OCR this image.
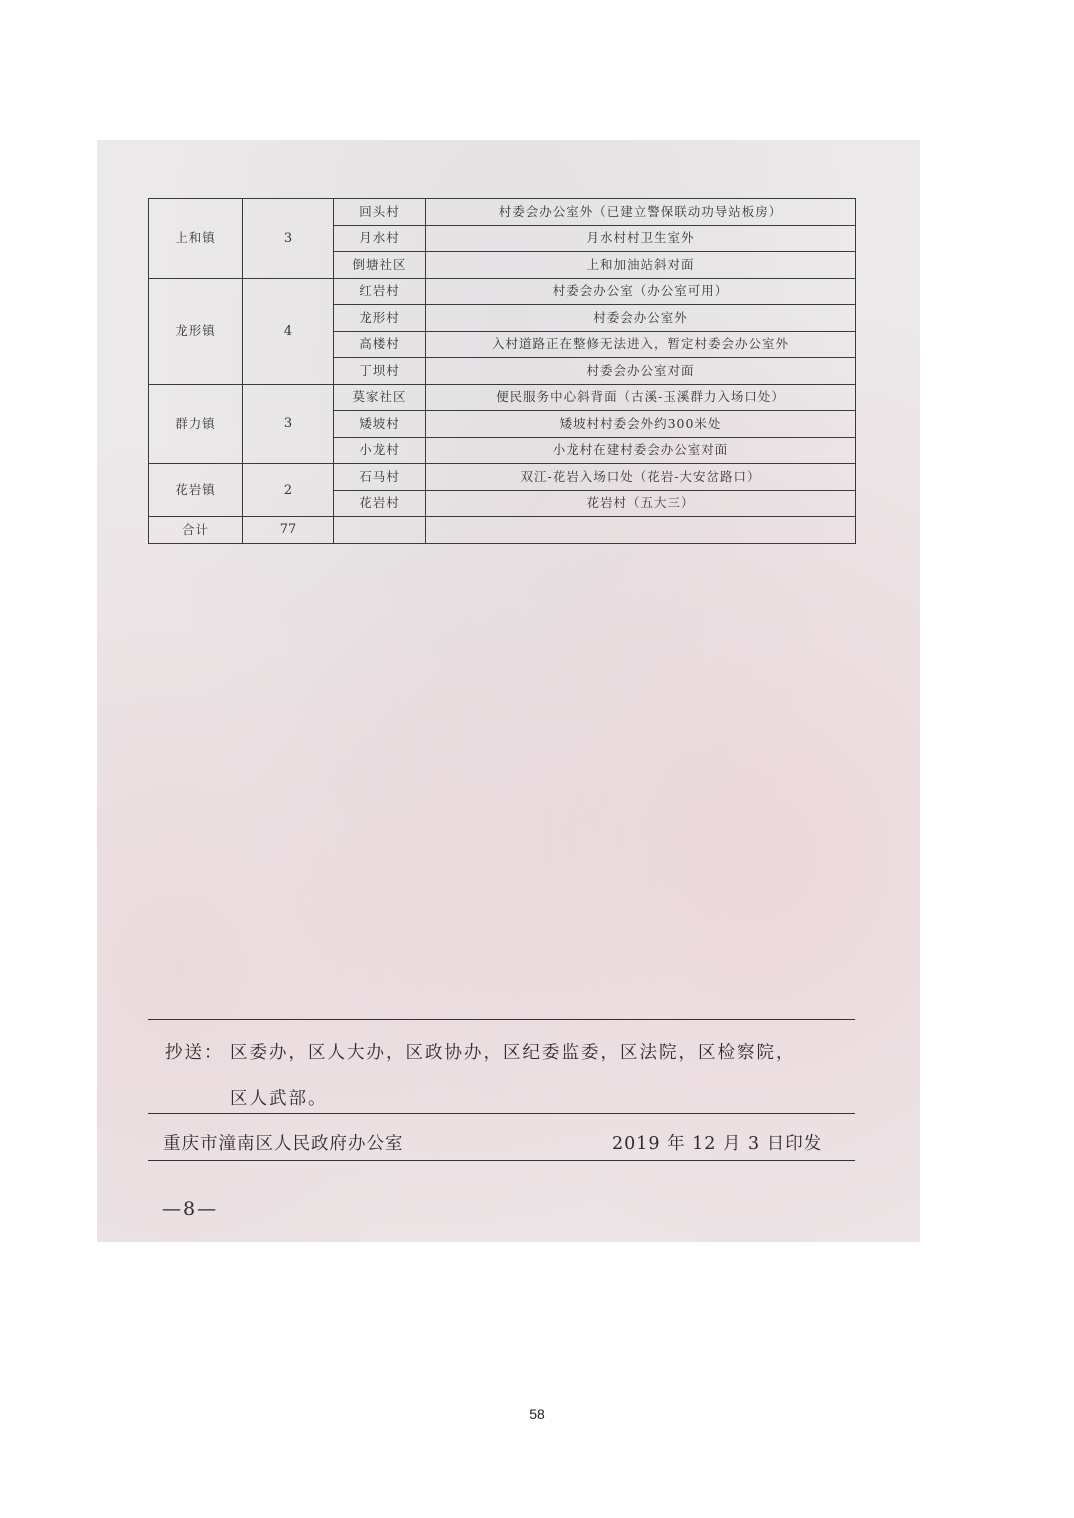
上和镇	3	回头村	村委会办公室外（已建立警保联动功导站板房）
		月水村	月水村村卫生室外
		倒塘社区	上和加油站斜对面
龙形镇	4	红岩村	村委会办公室（办公室可用）
		龙形村	村委会办公室外
		高楼村	入村道路正在整修无法进入，暂定村委会办公室外
		丁坝村	村委会办公室对面
群力镇	3	莫家社区	便民服务中心斜背面（古溪-玉溪群力入场口处）
		矮坡村	矮坡村村委会外约300米处
		小龙村	小龙村在建村委会办公室对面
花岩镇	2	石马村	双江-花岩入场口处（花岩-大安岔路口）
		花岩村	花岩村（五大三）
合计	77		
抄送： 区委办，区人大办，区政协办，区纪委监委，区法院，区检察院，
区人武部。
重庆市潼南区人民政府办公室	2019 年 12 月 3 日印发
—8—
58
